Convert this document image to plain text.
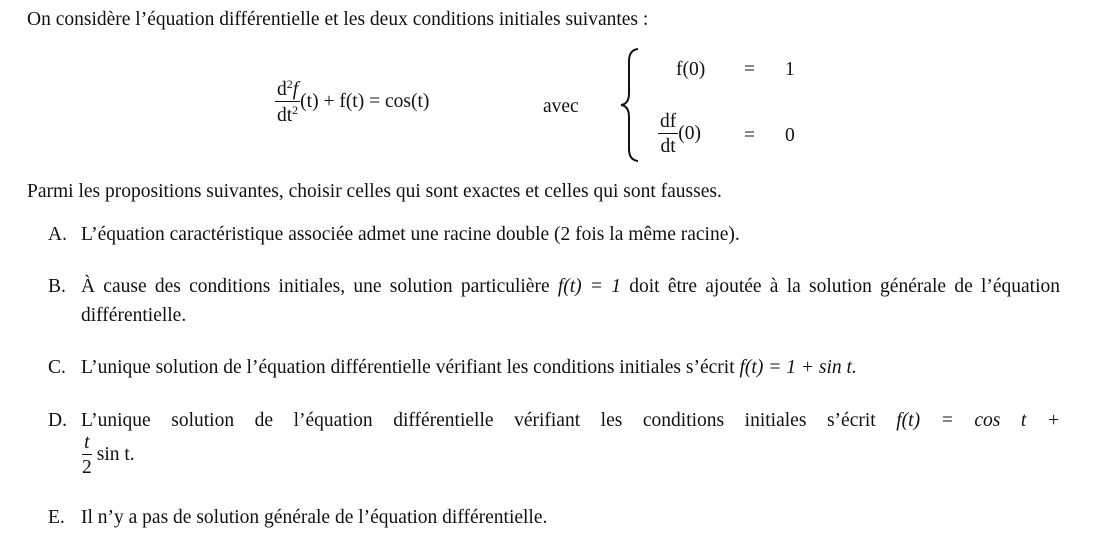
On considère l’équation différentielle et les deux conditions initiales suivantes :
$\frac{d^2f}{dt^2} (t) + f(t) = \cos(t)$	avec
f(0) = 1
$\frac{df}{dt} (0) = 0$
Parmi les propositions suivantes, choisir celles qui sont exactes et celles qui sont fausses.
A. L’équation caractéristique associée admet une racine double (2 fois la même racine).
B. À cause des conditions initiales, une solution particulière f(t) = 1 doit être ajoutée à la solution générale de l’équation différentielle.
C. L’unique solution de l’équation différentielle vérifiant les conditions initiales s’écrit f(t) = 1 + sin t.
D. L’unique solution de l’équation différentielle vérifiant les conditions initiales s’écrit f(t) = cos t +
$\frac{t}{2}$ sin t.
E. Il n’y a pas de solution générale de l’équation différentielle.
